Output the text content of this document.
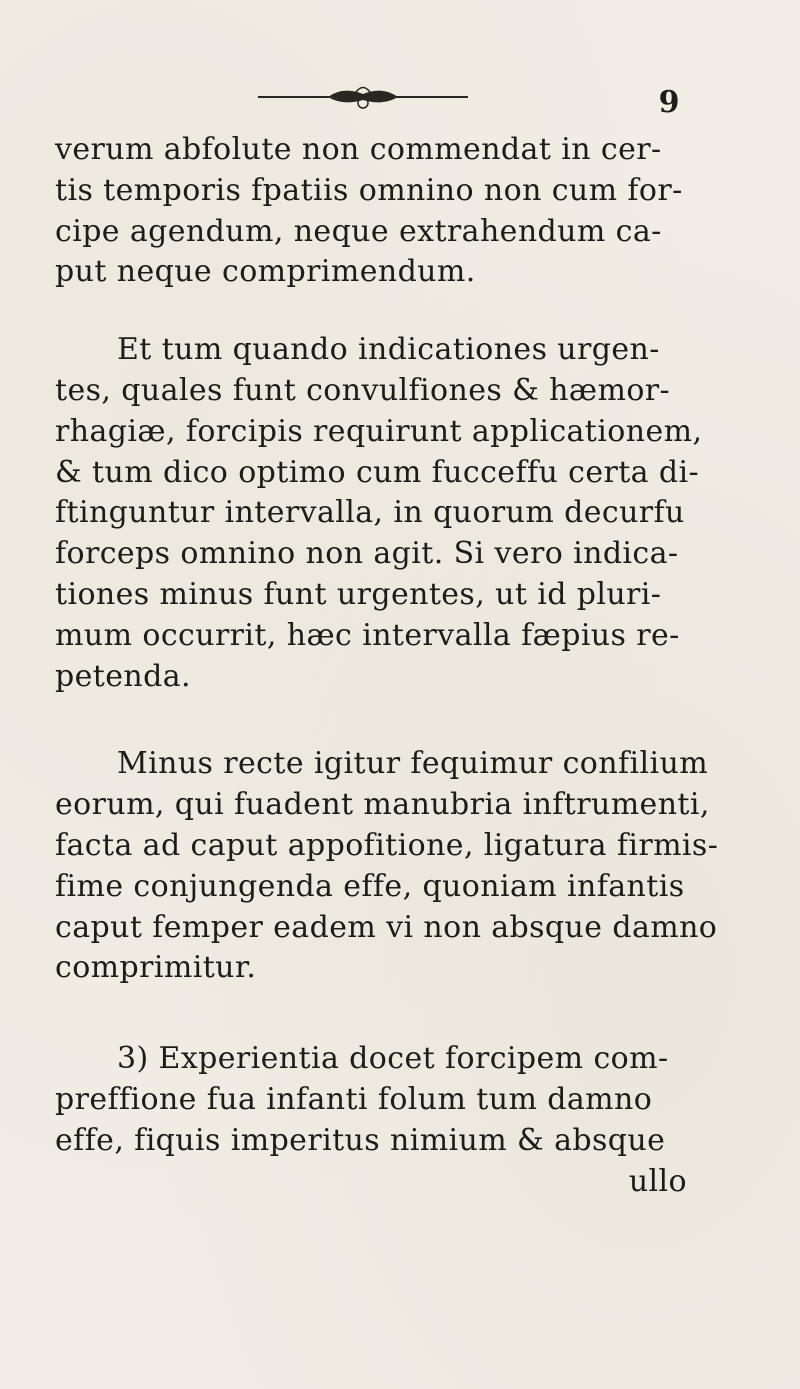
9

verum abfolute non commendat in cer-
tis temporis fpatiis omnino non cum for-
cipe agendum, neque extrahendum ca-
put neque comprimendum.

Et tum quando indicationes urgen-
tes, quales funt convulfiones & hæmor-
rhagiæ, forcipis requirunt applicationem,
& tum dico optimo cum fucceffu certa di-
ftinguntur intervalla, in quorum decurfu
forceps omnino non agit. Si vero indica-
tiones minus funt urgentes, ut id pluri-
mum occurrit, hæc intervalla fæpius re-
petenda.

Minus recte igitur fequimur confilium
eorum, qui fuadent manubria inftrumenti,
facta ad caput appofitione, ligatura firmis-
fime conjungenda effe, quoniam infantis
caput femper eadem vi non absque damno
comprimitur.

3) Experientia docet forcipem com-
preffione fua infanti folum tum damno
effe, fiquis imperitus nimium & absque
ullo
